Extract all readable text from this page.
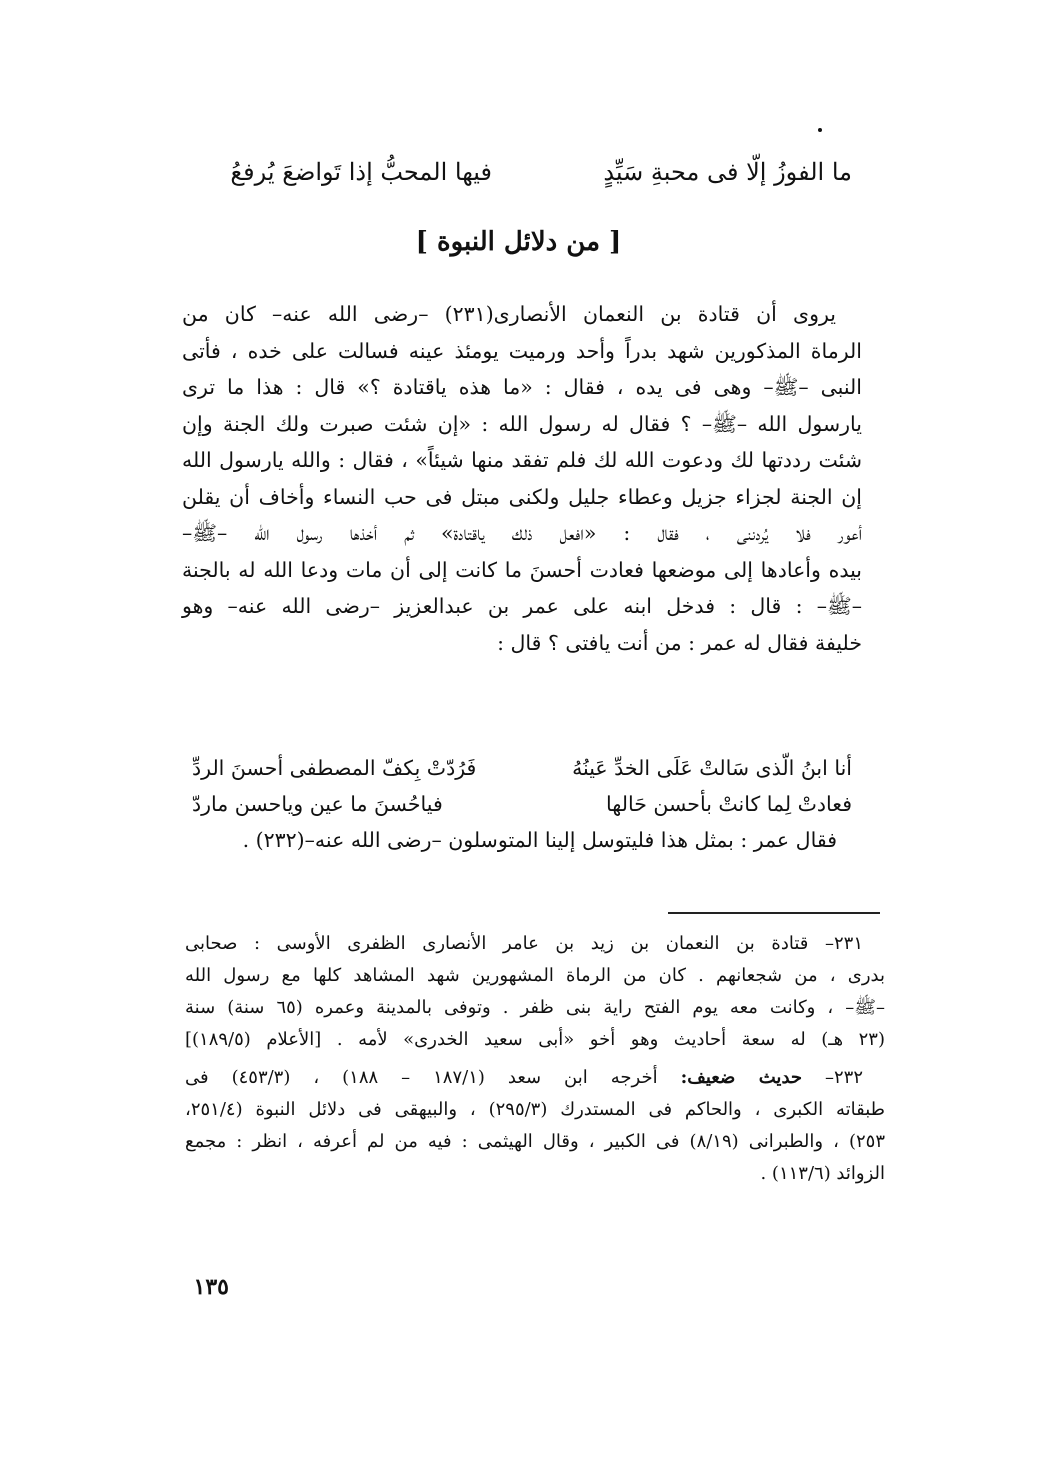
ما الفوزُ إلّا فى محبةِ سَيِّدٍ
فيها المحبُّ إذا تَواضعَ يُرفعُ
[ من دلائل النبوة ]
يروى أن قتادة بن النعمان الأنصارى(٢٣١) –رضى الله عنه– كان من
الرماة المذكورين شهد بدراً وأحد ورميت يومئذ عينه فسالت على خده ، فأتى
النبى –ﷺ– وهى فى يده ، فقال : «ما هذه ياقتادة ؟» قال : هذا ما ترى
يارسول الله –ﷺ– ؟ فقال له رسول الله : «إن شئت صبرت ولك الجنة وإن
شئت رددتها لك ودعوت الله لك فلم تفقد منها شيئاً» ، فقال : والله يارسول الله
إن الجنة لجزاء جزيل وعطاء جليل ولكنى مبتل فى حب النساء وأخاف أن يقلن
أعور فلا يُردننى ، فقال : «افعل ذلك ياقتادة» ثم أخذها رسول الله –ﷺ–
بيده وأعادها إلى موضعها فعادت أحسنَ ما كانت إلى أن مات ودعا الله له بالجنة
–ﷺ– : قال : فدخل ابنه على عمر بن عبدالعزيز –رضى الله عنه– وهو
خليفة فقال له عمر : من أنت يافتى ؟ قال :
أنا ابنُ الّذى سَالتْ عَلَى الخدِّ عَينُهُ
فَرُدّتْ بِكفّ المصطفى أحسنَ الردِّ
فعادتْ لِما كانتْ بأحسن حَالها
فياحُسنَ ما عين وياحسن ماردّ
فقال عمر : بمثل هذا فليتوسل إلينا المتوسلون –رضى الله عنه–(٢٣٢) .
٢٣١– قتادة بن النعمان بن زيد بن عامر الأنصارى الظفرى الأوسى : صحابى
بدرى ، من شجعانهم . كان من الرماة المشهورين شهد المشاهد كلها مع رسول الله
–ﷺ– ، وكانت معه يوم الفتح راية بنى ظفر . وتوفى بالمدينة وعمره (٦٥ سنة) سنة
(٢٣ هـ) له سعة أحاديث وهو أخو «أبى سعيد الخدرى» لأمه . [الأعلام (١٨٩/٥)]
٢٣٢– حديث ضعيف: أخرجه ابن سعد (١٨٧/١ – ١٨٨) ، (٤٥٣/٣) فى
طبقاته الكبرى ، والحاكم فى المستدرك (٢٩٥/٣) ، والبيهقى فى دلائل النبوة (٢٥١/٤،
٢٥٣) ، والطبرانى (٨/١٩) فى الكبير ، وقال الهيثمى : فيه من لم أعرفه ، انظر : مجمع
الزوائد (١١٣/٦) .
١٣٥
